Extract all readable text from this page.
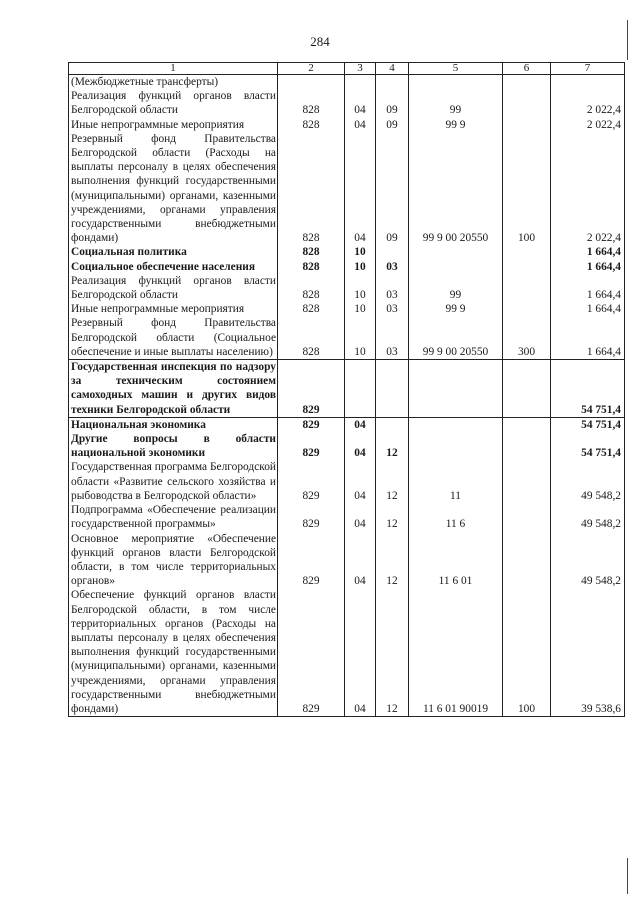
284
1	2	3	4	5	6	7
(Межбюджетные трансферты)						
Реализация функций органов власти Белгородской области	828	04	09	99		2 022,4
Иные непрограммные мероприятия	828	04	09	99 9		2 022,4
Резервный фонд Правительства Белгородской области (Расходы на выплаты персоналу в целях обеспечения выполнения функций государственными (муниципальными) органами, казенными учреждениями, органами управления государственными внебюджетными фондами)	828	04	09	99 9 00 20550	100	2 022,4
Социальная политика	828	10				1 664,4
Социальное обеспечение населения	828	10	03			1 664,4
Реализация функций органов власти Белгородской области	828	10	03	99		1 664,4
Иные непрограммные мероприятия	828	10	03	99 9		1 664,4
Резервный фонд Правительства Белгородской области (Социальное обеспечение и иные выплаты населению)	828	10	03	99 9 00 20550	300	1 664,4
Государственная инспекция по надзору за техническим состоянием самоходных машин и других видов техники Белгородской области	829					54 751,4
Национальная экономика	829	04				54 751,4
Другие вопросы в области национальной экономики	829	04	12			54 751,4
Государственная программа Белгородской области «Развитие сельского хозяйства и рыбоводства в Белгородской области»	829	04	12	11		49 548,2
Подпрограмма «Обеспечение реализации государственной программы»	829	04	12	11 6		49 548,2
Основное мероприятие «Обеспечение функций органов власти Белгородской области, в том числе территориальных органов»	829	04	12	11 6 01		49 548,2
Обеспечение функций органов власти Белгородской области, в том числе территориальных органов (Расходы на выплаты персоналу в целях обеспечения выполнения функций государственными (муниципальными) органами, казенными учреждениями, органами управления государственными внебюджетными фондами)	829	04	12	11 6 01 90019	100	39 538,6
